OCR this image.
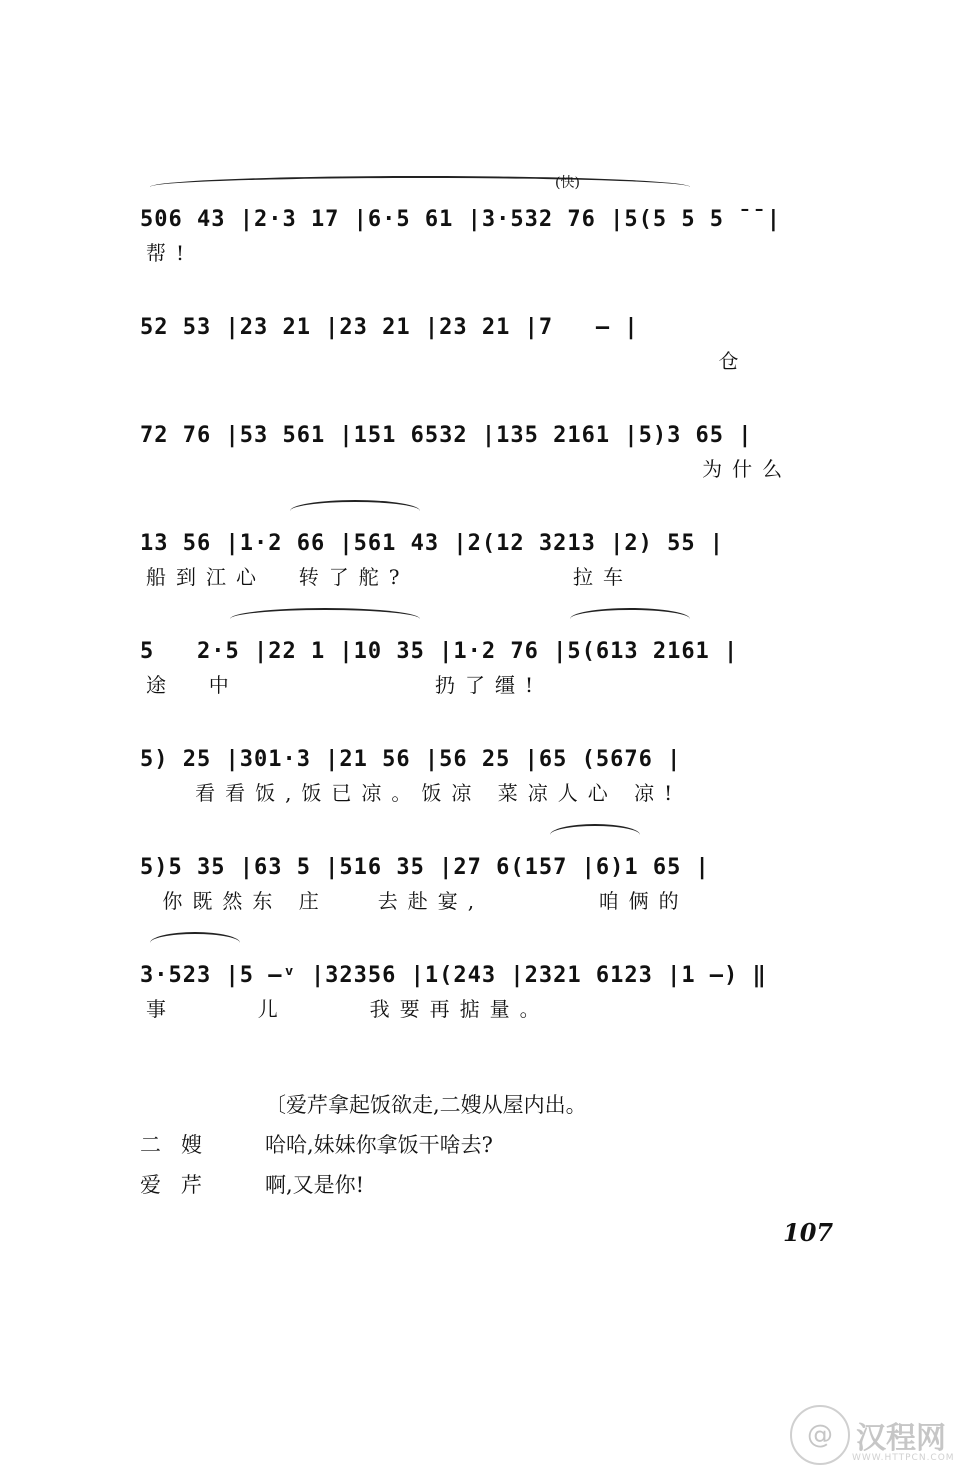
(快)
506 43 |2·3 17 |6·5 61 |3·532 76 |5(5 5 5 ¯¯|
帮!
52 53 |23 21 |23 21 |23 21 |7   — |
仓
72 76 |53 561 |151 6532 |135 2161 |5)3 65 |
为什么
13 56 |1·2 66 |561 43 |2(12 3213 |2) 55 |
船到江心  转了舵?          拉车
5   2·5 |22 1 |10 35 |1·2 76 |5(613 2161 |
途  中            扔了缰!
5) 25 |301·3 |21 56 |56 25 |65 (5676 |
看看饭,饭已凉。饭凉 菜凉人心 凉!
5)5 35 |63 5 |516 35 |27 6(157 |6)1 65 |
你既然东 庄   去赴宴,       咱俩的
3·523 |5 —ᵛ |32356 |1(243 |2321 6123 |1 —) ‖
事     儿     我要再掂量。
〔爱芹拿起饭欲走,二嫂从屋内出。
二嫂	哈哈,妹妹你拿饭干啥去?
爱芹	啊,又是你!
107
@ 汉程网
WWW.HTTPCN.COM
